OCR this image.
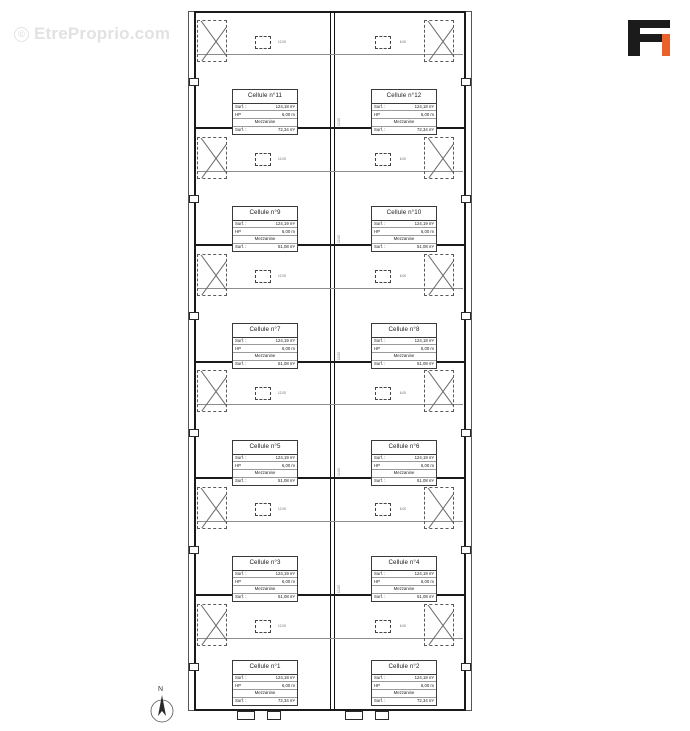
© EtreProprio.com	12.00	6.00
12.00	6.00
12.00	6.00
12.00	6.00
12.00	6.00
12.00	6.00
Cellule n°11
Surf. :	124,18 m²
HP	6,00 m
Mezzanine
Surf. :	72,34 m²
Cellule n°12
Surf. :	124,18 m²
HP	6,00 m
Mezzanine
Surf. :	72,34 m²
Cellule n°9
Surf. :	124,19 m²
HP	6,00 m
Mezzanine
Surf. :	51,08 m²
Cellule n°10
Surf. :	124,19 m²
HP	6,00 m
Mezzanine
Surf. :	51,08 m²
Cellule n°7
Surf. :	124,19 m²
HP	6,00 m
Mezzanine
Surf. :	51,08 m²
Cellule n°8
Surf. :	124,18 m²
HP	6,00 m
Mezzanine
Surf. :	51,08 m²
Cellule n°5
Surf. :	124,19 m²
HP	6,00 m
Mezzanine
Surf. :	51,08 m²
Cellule n°6
Surf. :	124,19 m²
HP	6,00 m
Mezzanine
Surf. :	51,08 m²
Cellule n°3
Surf. :	124,19 m²
HP	6,00 m
Mezzanine
Surf. :	51,08 m²
Cellule n°4
Surf. :	124,19 m²
HP	6,00 m
Mezzanine
Surf. :	51,08 m²
Cellule n°1
Surf. :	124,18 m²
HP	6,00 m
Mezzanine
Surf. :	72,34 m²
Cellule n°2
Surf. :	124,18 m²
HP	6,00 m
Mezzanine
Surf. :	72,34 m²
12.00
12.00
12.00
12.00
12.00
N
